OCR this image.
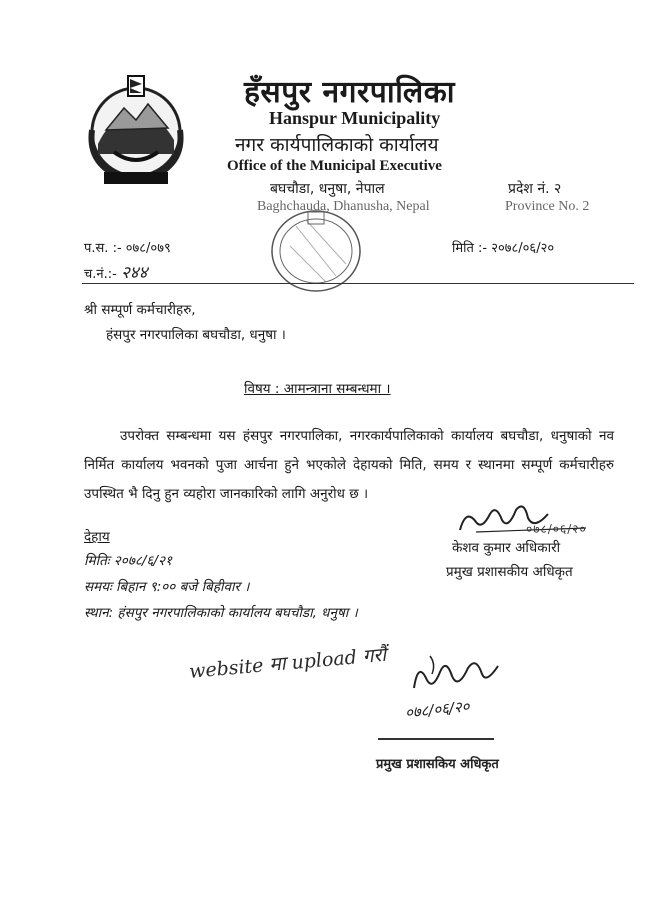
हँसपुर नगरपालिका
Hanspur Municipality
नगर कार्यपालिकाको कार्यालय
Office of the Municipal Executive
बघचौडा, धनुषा, नेपाल
Baghchauda, Dhanusha, Nepal
प्रदेश नं. २
Province No. 2
प.स. :- ०७८/०७९
च.नं.:- २४४
मिति :- २०७८/०६/२०
श्री सम्पूर्ण कर्मचारीहरु,
हंसपुर नगरपालिका बघचौडा, धनुषा ।
विषय : आमन्त्राना सम्बन्धमा ।
उपरोक्त सम्बन्धमा यस हंसपुर नगरपालिका, नगरकार्यपालिकाको कार्यालय बघचौडा, धनुषाको नव निर्मित कार्यालय भवनको पुजा आर्चना हुने भएकोले देहायको मिति, समय र स्थानमा सम्पूर्ण कर्मचारीहरु उपस्थित भै दिनु हुन व्यहोरा जानकारिको लागि अनुरोध छ ।
०७८/०६/२०
केशव कुमार अधिकारी
प्रमुख प्रशासकीय अधिकृत
देहाय
मितिः २०७८/६/२१
समयः बिहान ९:०० बजे बिहीवार ।
स्थान: हंसपुर नगरपालिकाको कार्यालय बघचौडा, धनुषा ।
website मा upload गरौं
०७८/०६/२०
प्रमुख प्रशासकिय अधिकृत
